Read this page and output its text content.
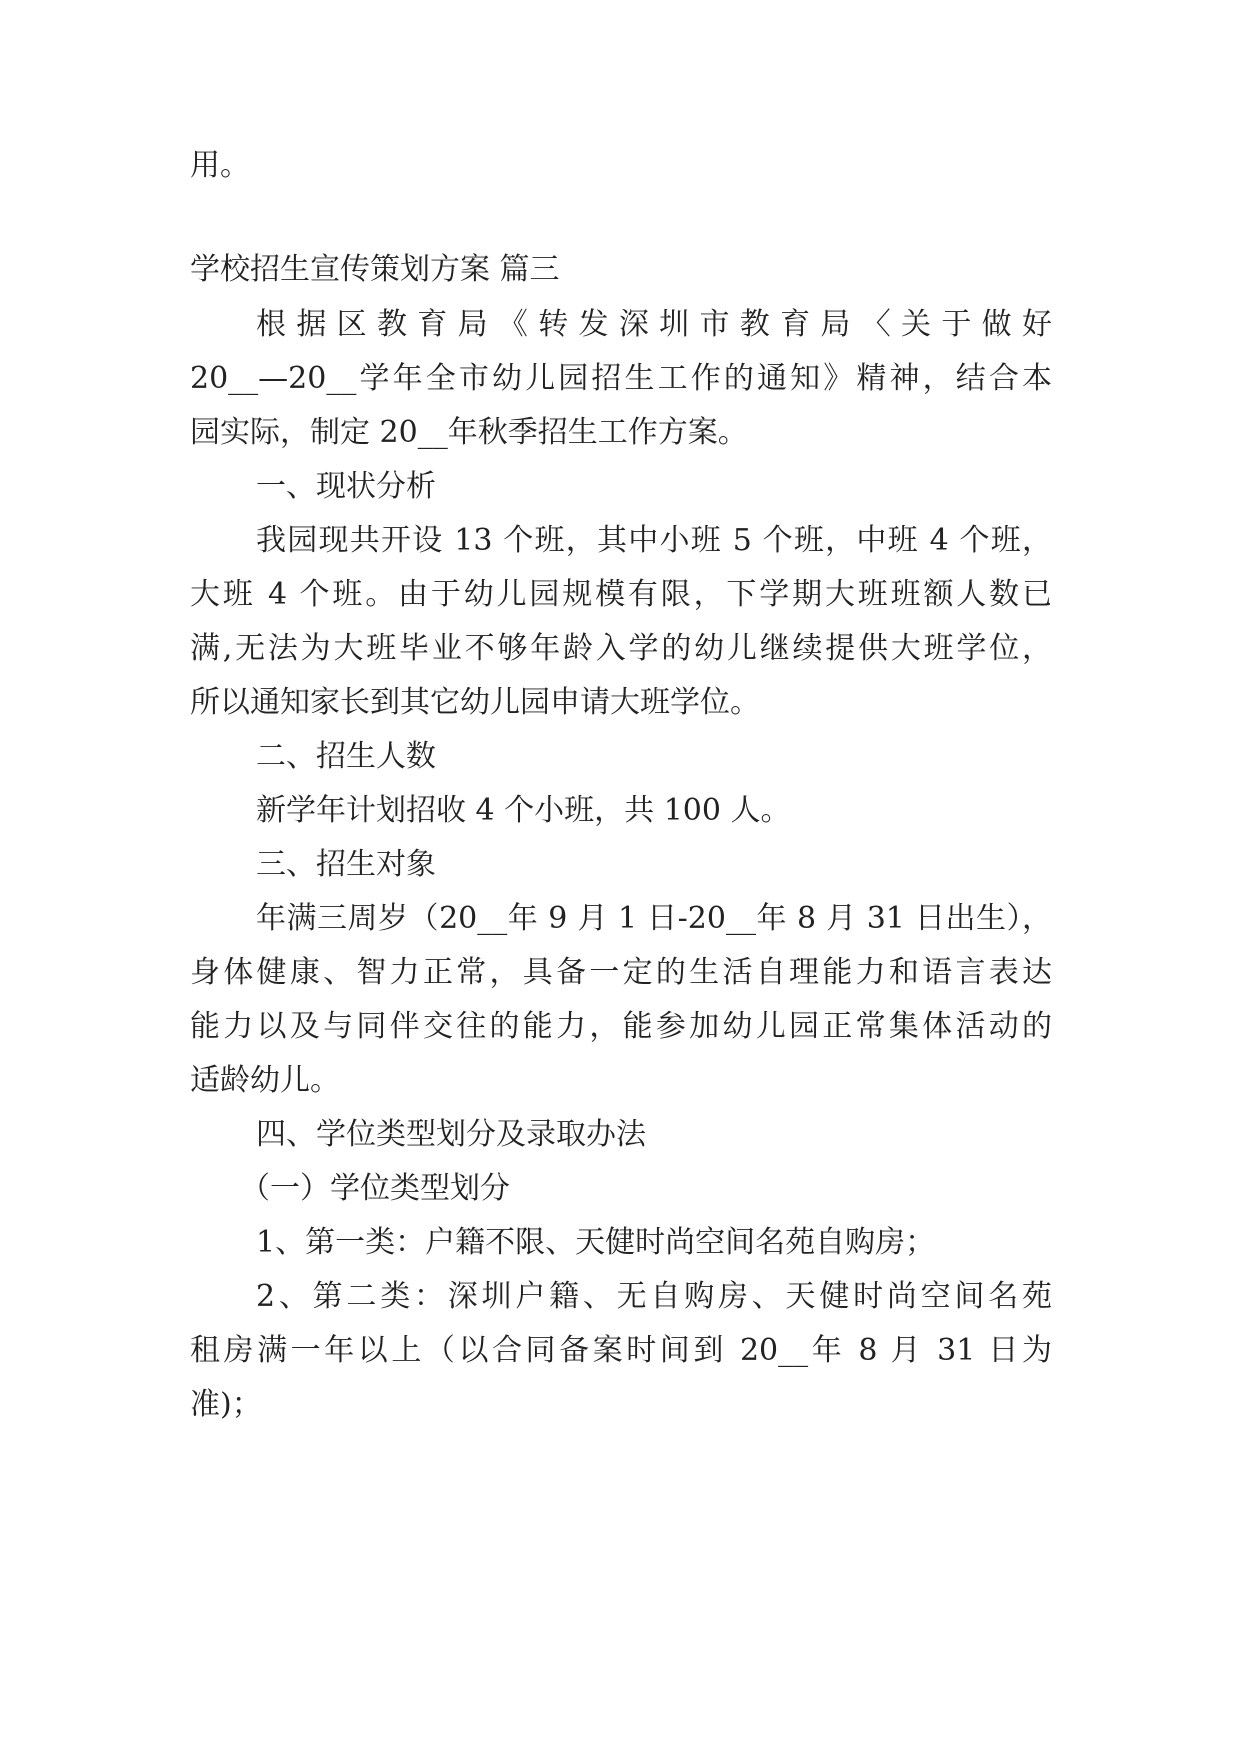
用。
学校招生宣传策划方案 篇三
根据区教育局《转发深圳市教育局〈关于做好
20__—20__学年全市幼儿园招生工作的通知》精神，结合本
园实际，制定 20__年秋季招生工作方案。
一、现状分析
我园现共开设 13 个班，其中小班 5 个班，中班 4 个班，
大班 4 个班。由于幼儿园规模有限，下学期大班班额人数已
满,无法为大班毕业不够年龄入学的幼儿继续提供大班学位，
所以通知家长到其它幼儿园申请大班学位。
二、招生人数
新学年计划招收 4 个小班，共 100 人。
三、招生对象
年满三周岁（20__年 9 月 1 日-20__年 8 月 31 日出生），
身体健康、智力正常，具备一定的生活自理能力和语言表达
能力以及与同伴交往的能力，能参加幼儿园正常集体活动的
适龄幼儿。
四、学位类型划分及录取办法
（一）学位类型划分
1、第一类：户籍不限、天健时尚空间名苑自购房；
2、第二类：深圳户籍、无自购房、天健时尚空间名苑
租房满一年以上（以合同备案时间到 20__年 8 月 31 日为
准)；
